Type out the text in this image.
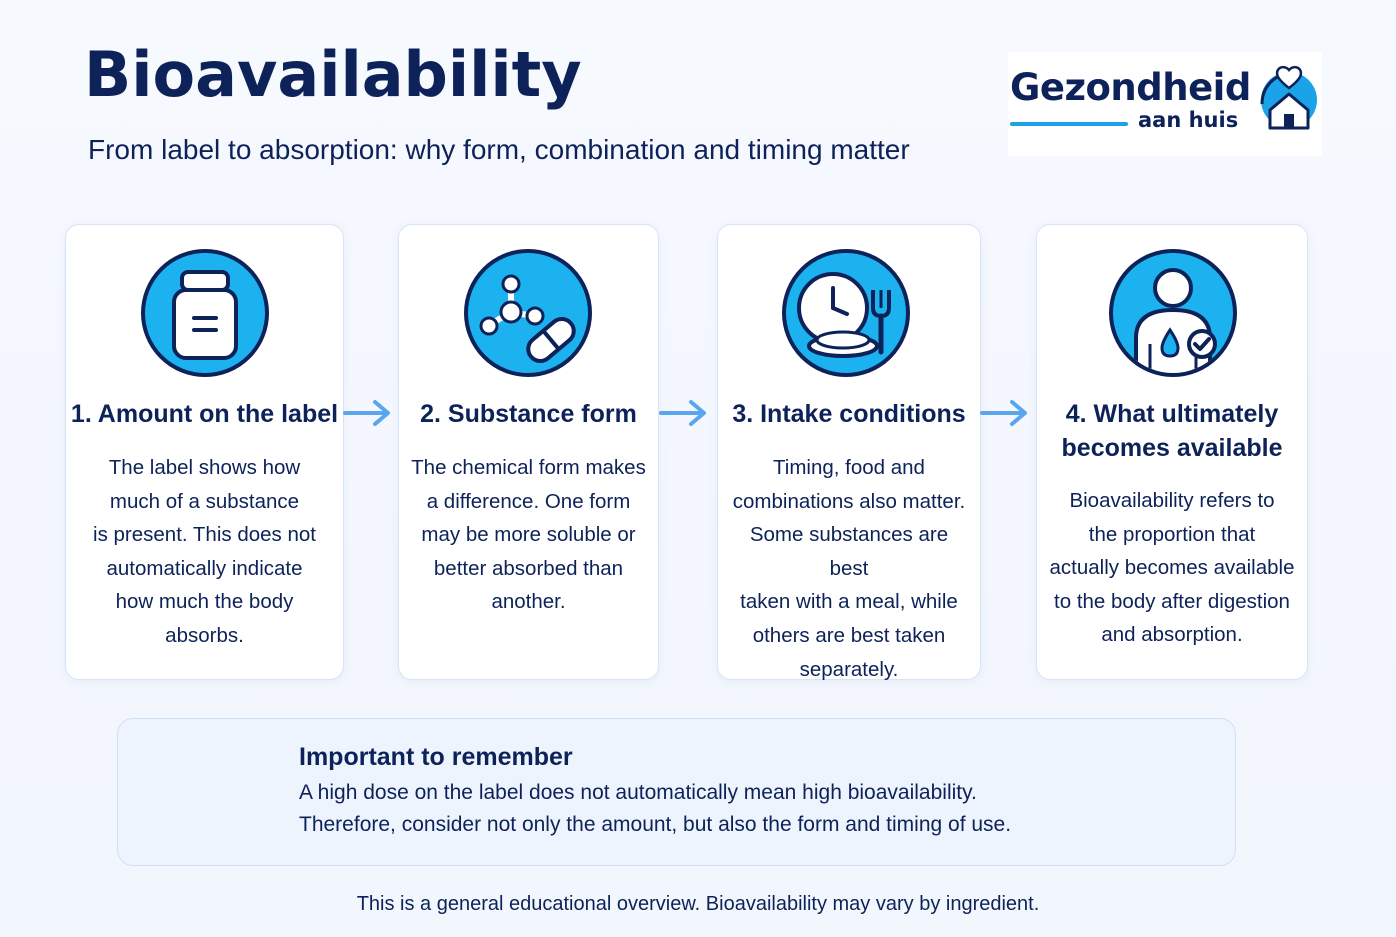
Bioavailability

From label to absorption: why form, combination and timing matter

Gezondheid
aan huis
1. Amount on the label
The label shows how
much of a substance
is present. This does not
automatically indicate
how much the body
absorbs.
2. Substance form
The chemical form makes
a difference. One form
may be more soluble or
better absorbed than
another.
3. Intake conditions
Timing, food and
combinations also matter.
Some substances are best
taken with a meal, while
others are best taken
separately.
4. What ultimately
becomes available
Bioavailability refers to
the proportion that
actually becomes available
to the body after digestion
and absorption.
Important to remember
A high dose on the label does not automatically mean high bioavailability.
Therefore, consider not only the amount, but also the form and timing of use.
This is a general educational overview. Bioavailability may vary by ingredient.
